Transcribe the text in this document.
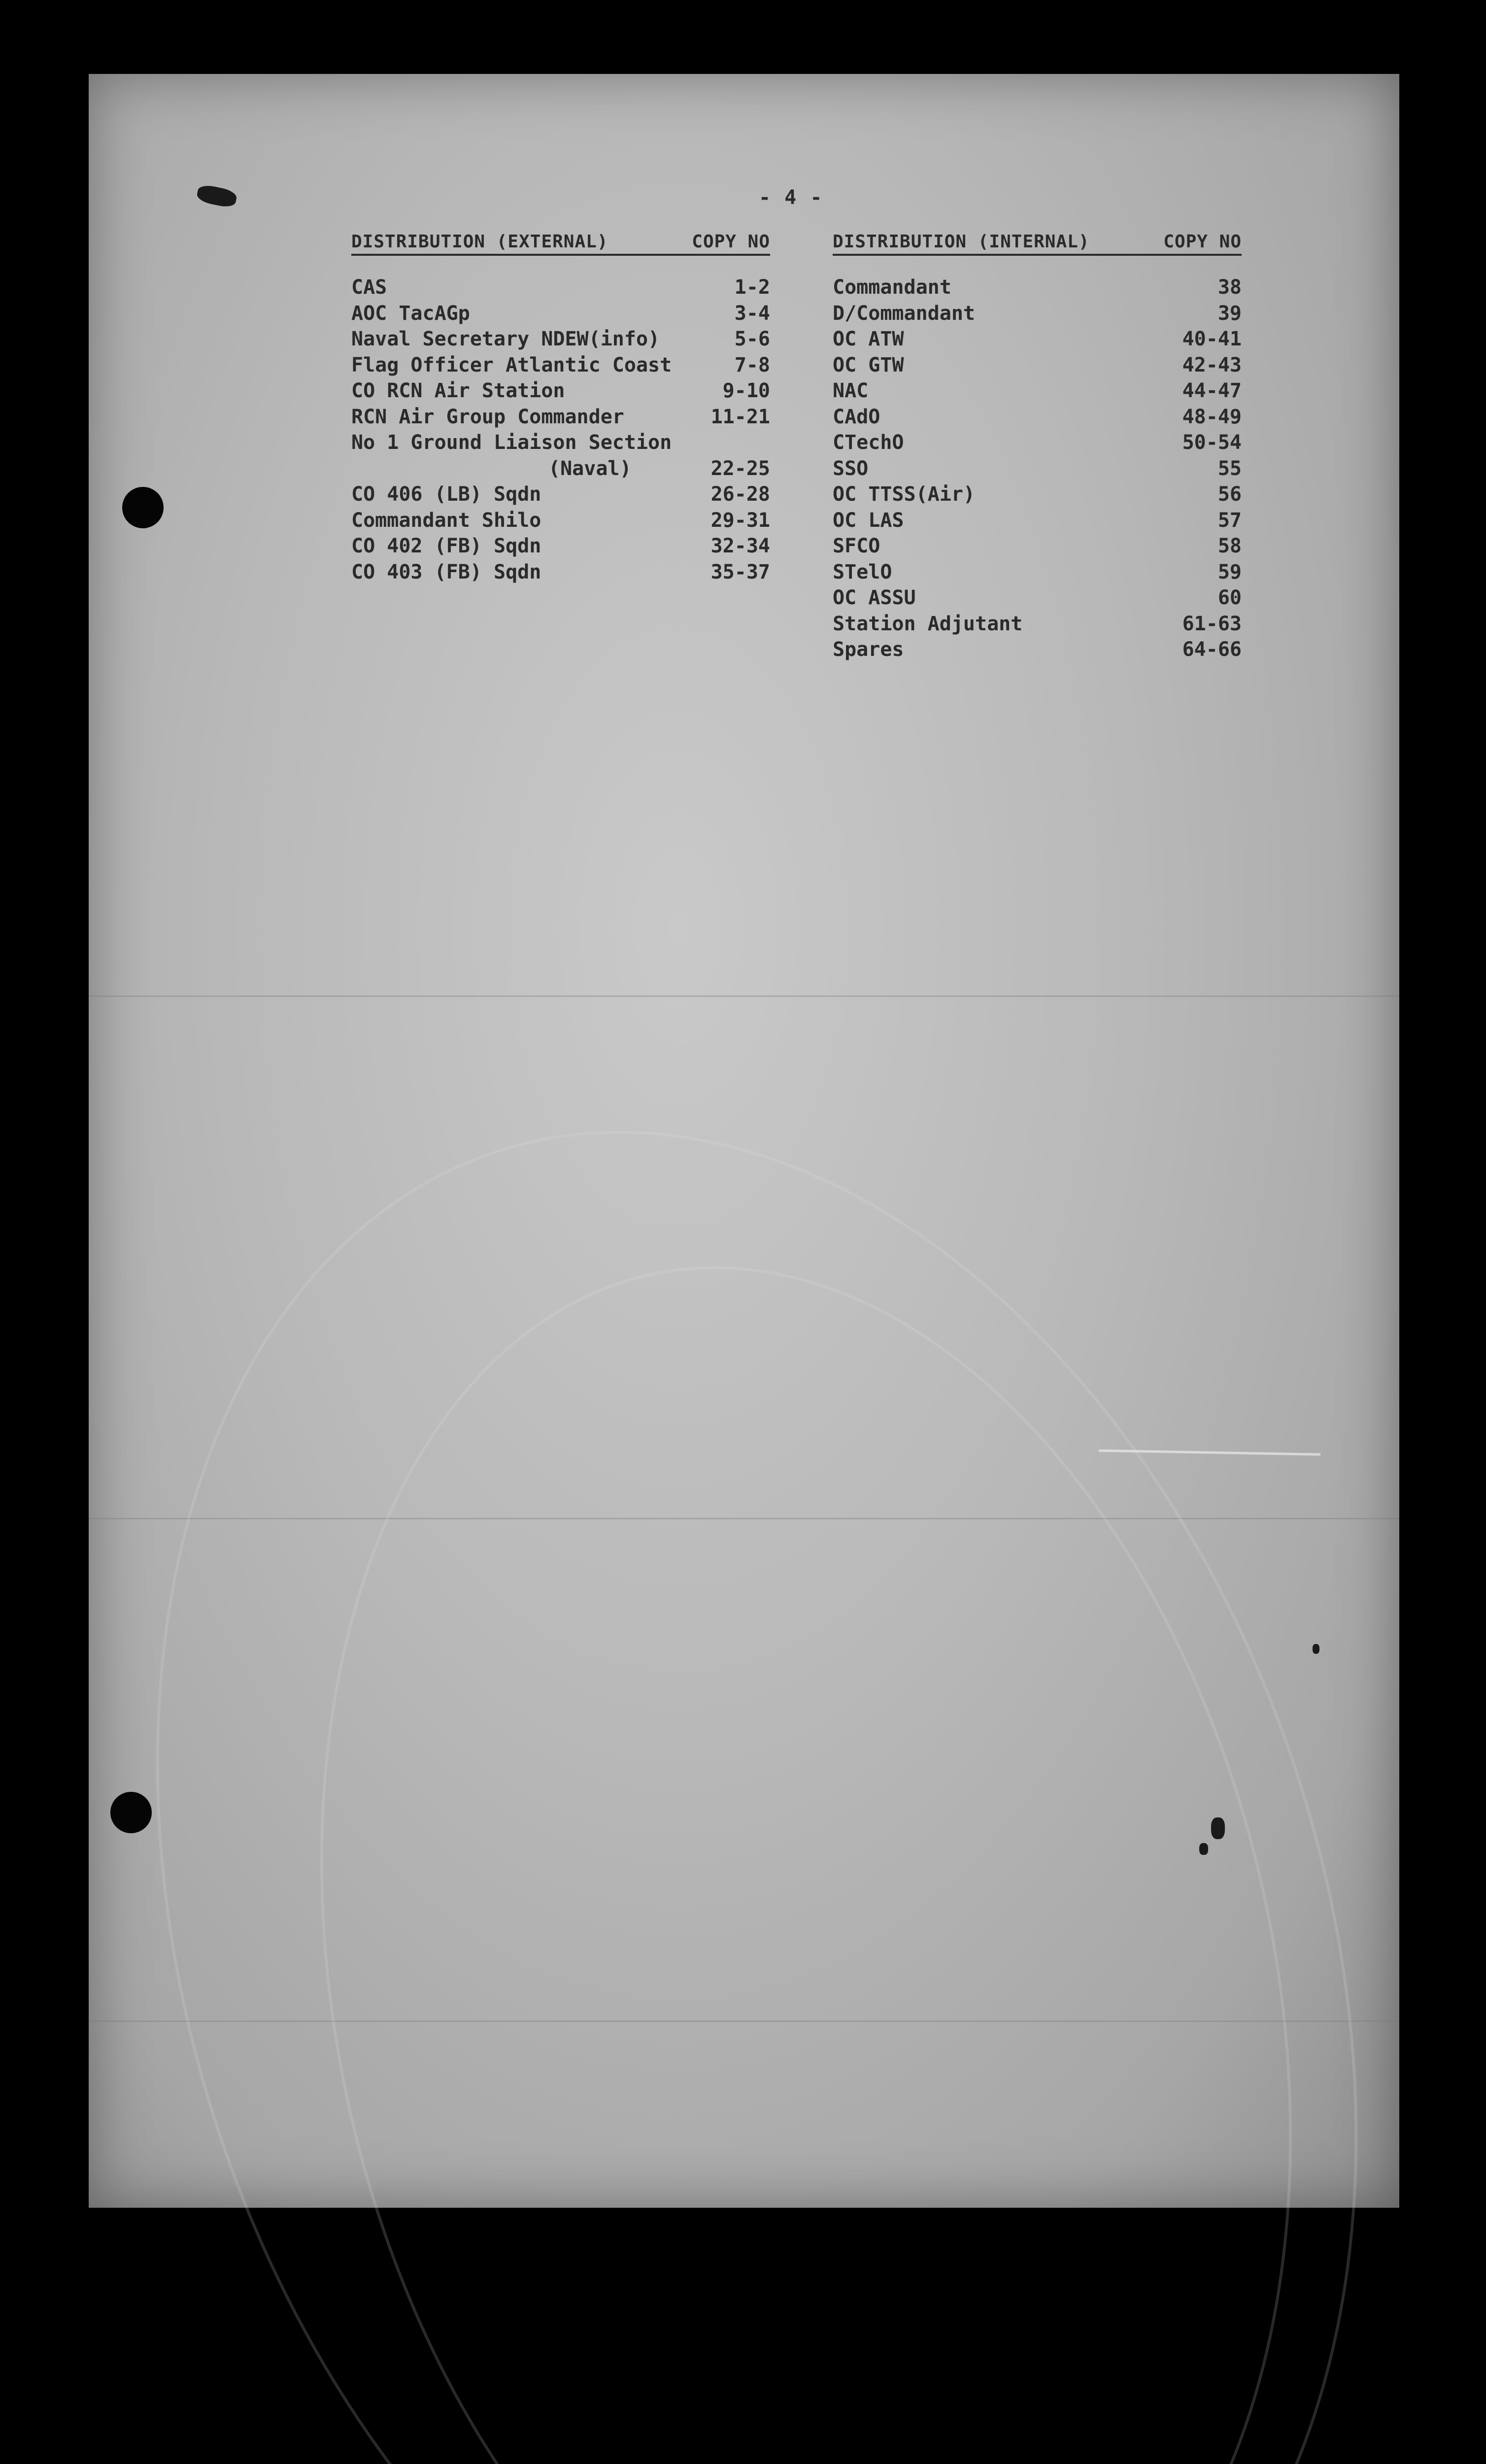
- 4 -
DISTRIBUTION (EXTERNAL)	COPY NO
CAS	1-2
AOC TacAGp	3-4
Naval Secretary NDEW(info)	5-6
Flag Officer Atlantic Coast	7-8
CO RCN Air Station	9-10
RCN Air Group Commander	11-21
No 1 Ground Liaison Section
(Naval)	22-25
CO 406 (LB) Sqdn	26-28
Commandant Shilo	29-31
CO 402 (FB) Sqdn	32-34
CO 403 (FB) Sqdn	35-37
DISTRIBUTION (INTERNAL)	COPY NO
Commandant	38
D/Commandant	39
OC ATW	40-41
OC GTW	42-43
NAC	44-47
CAdO	48-49
CTechO	50-54
SSO	55
OC TTSS(Air)	56
OC LAS	57
SFCO	58
STelO	59
OC ASSU	60
Station Adjutant	61-63
Spares	64-66
